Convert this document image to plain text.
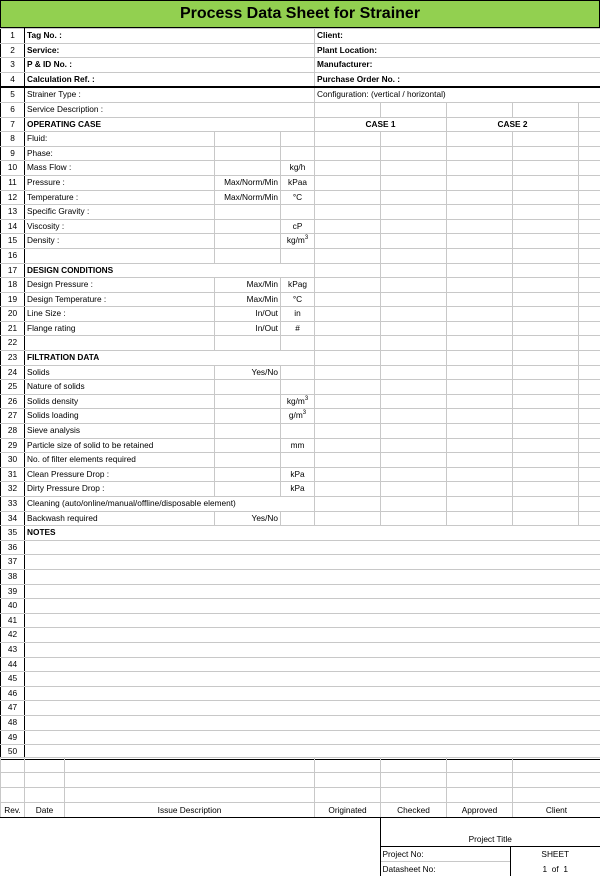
Process Data Sheet for Strainer
1	Tag No. :			Client:					
2	Service:			Plant Location:					
3	P & ID No. :			Manufacturer:					
4	Calculation Ref. :			Purchase Order No. :					
5	Strainer Type :			Configuration: (vertical / horizontal)					
6	Service Description :								
7	OPERATING CASE			CASE 1		CASE 2			
8	Fluid:								
9	Phase:								
10	Mass Flow :		kg/h						
11	Pressure :	Max/Norm/Min	kPaa						
12	Temperature :	Max/Norm/Min	°C						
13	Specific Gravity :								
14	Viscosity :		cP						
15	Density :		$kg/m^3$						
16									
17	DESIGN CONDITIONS								
18	Design Pressure :	Max/Min	kPag						
19	Design Temperature :	Max/Min	°C						
20	Line Size :	In/Out	in						
21	Flange rating	In/Out	#						
22									
23	FILTRATION DATA								
24	Solids	Yes/No							
25	Nature of solids								
26	Solids density		$kg/m^3$						
27	Solids loading		$g/m^3$						
28	Sieve analysis								
29	Particle size of solid to be retained		mm						
30	No. of filter elements required								
31	Clean Pressure Drop :		kPa						
32	Dirty Pressure Drop :		kPa						
33	Cleaning (auto/online/manual/offline/disposable element)								
34	Backwash required	Yes/No							
35	NOTES								
36									
37									
38									
39									
40									
41									
42									
43									
44									
45									
46									
47									
48									
49									
50									

Rev.	Date	Issue Description	Originated	Checked	Approved	Client

	Project Title	
	Project No:	SHEET
	Datasheet No:	1 of 1
